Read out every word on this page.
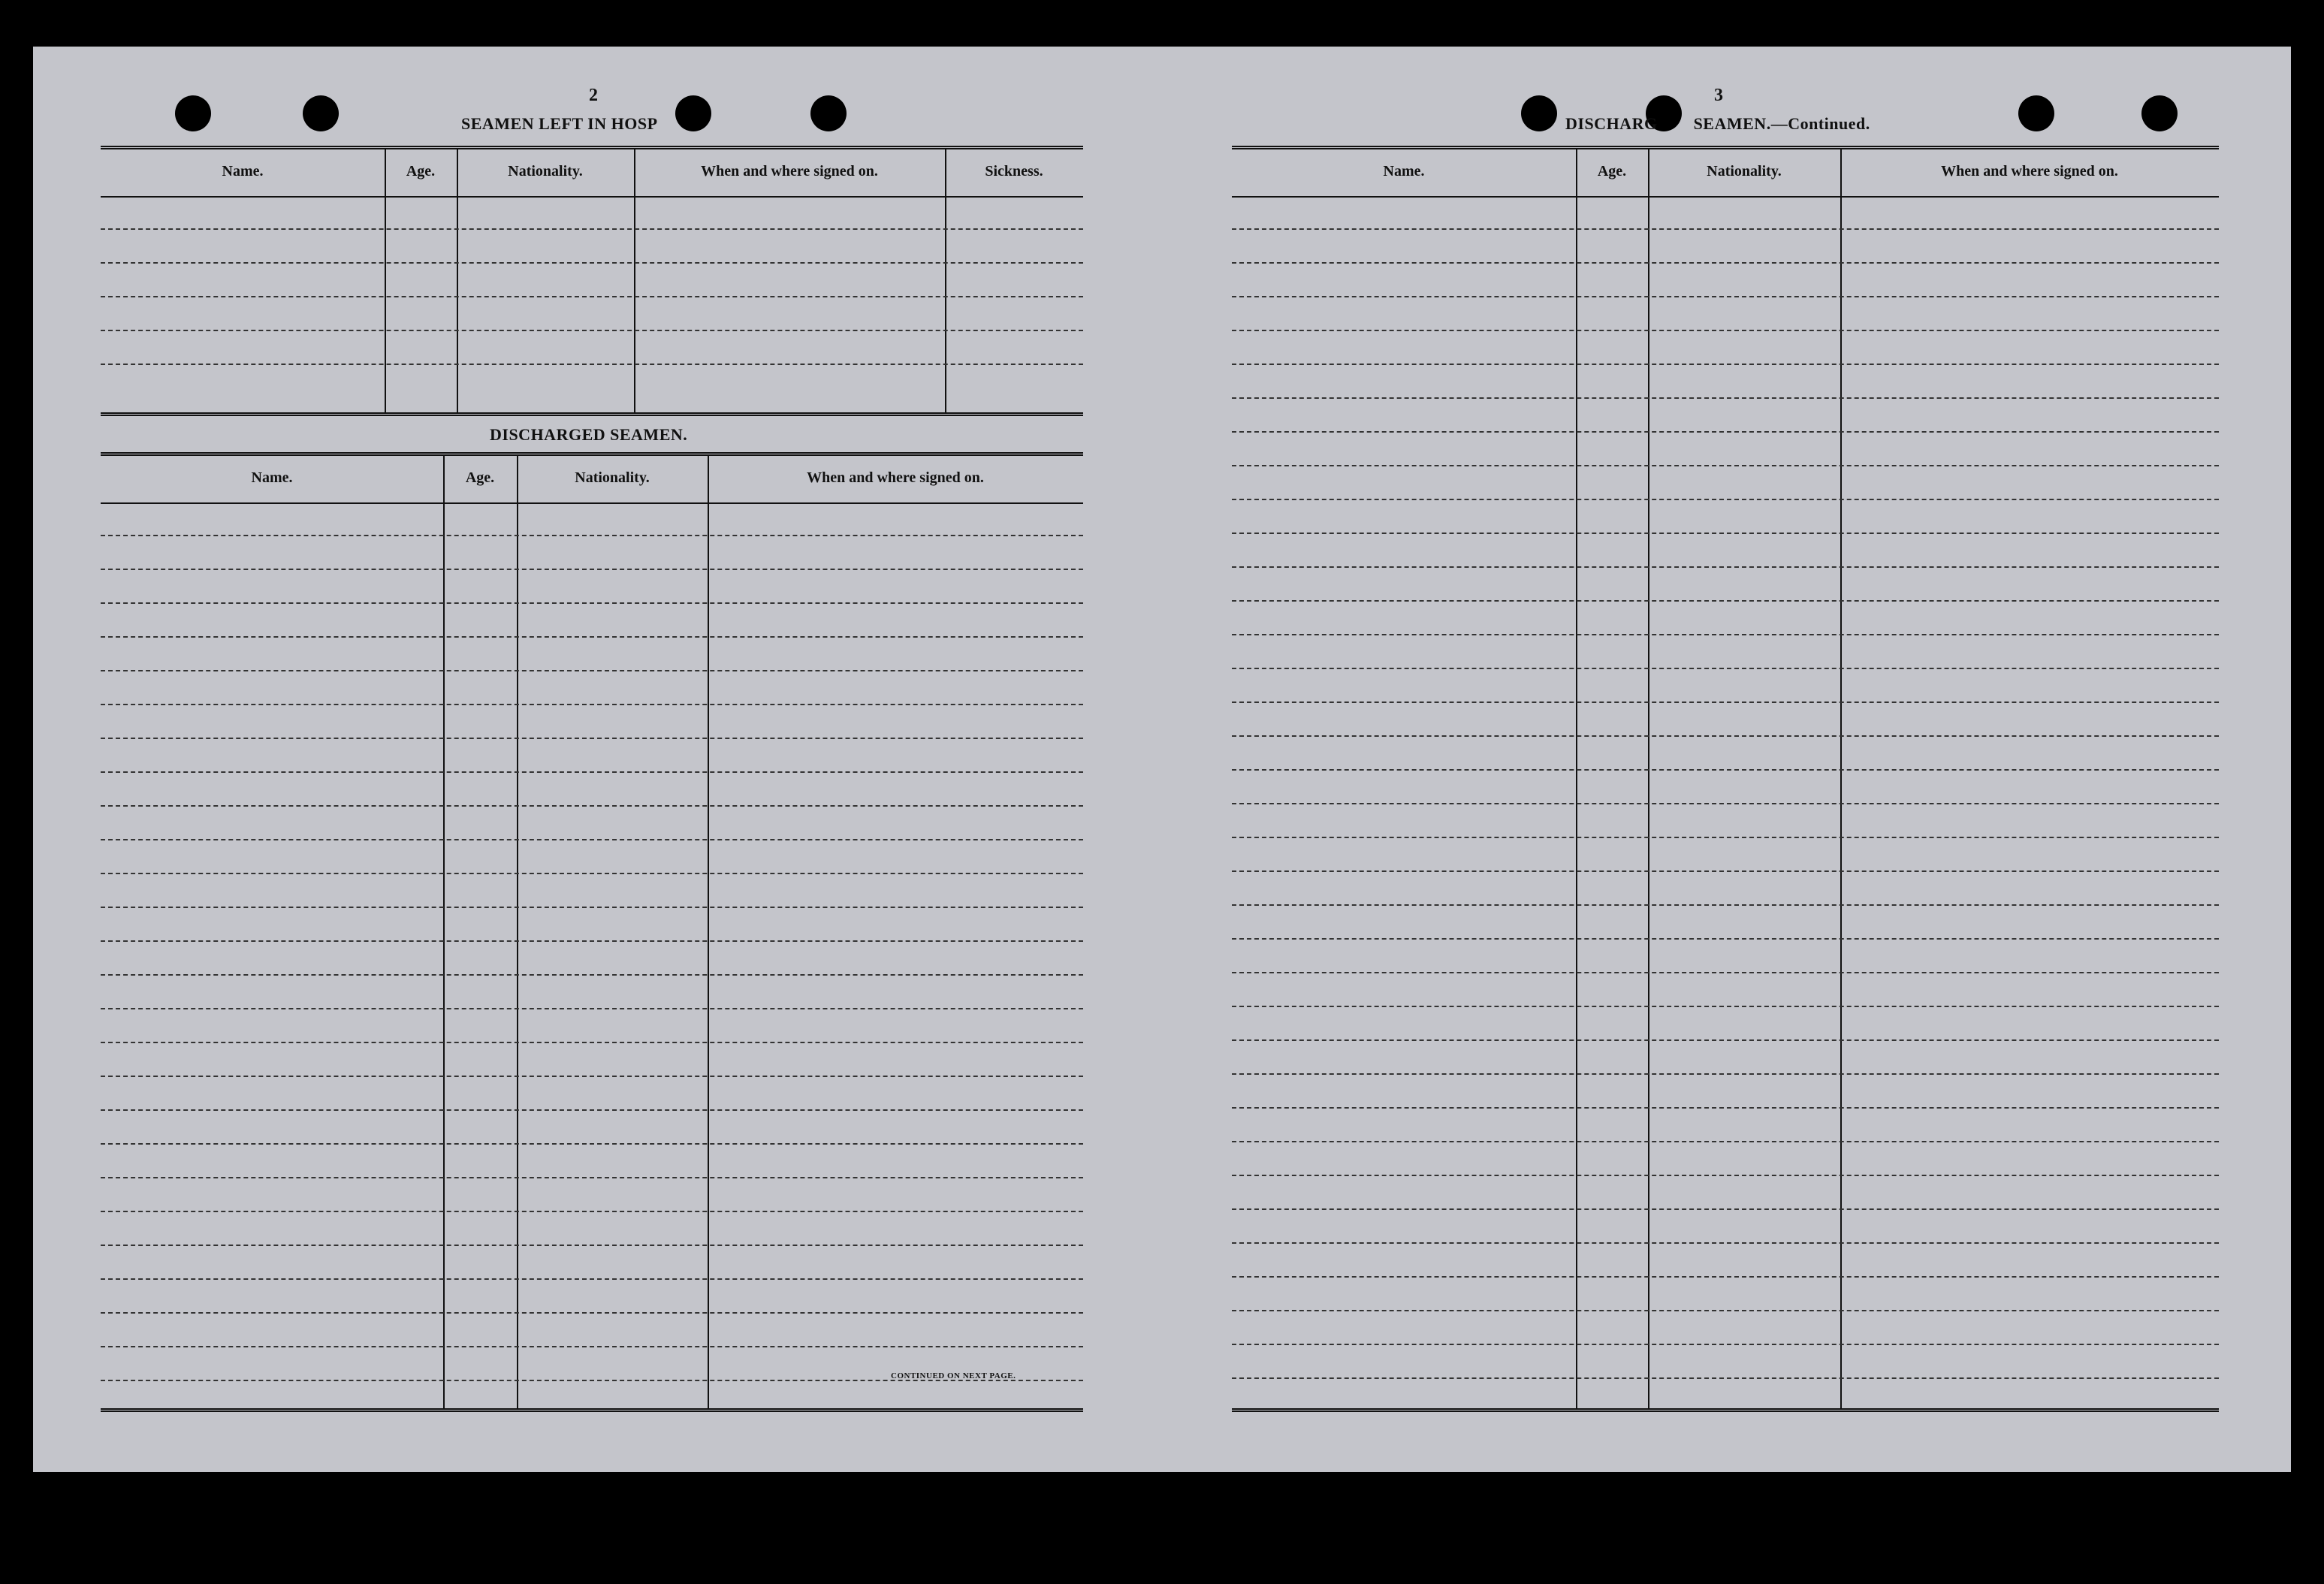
2
SEAMEN LEFT IN HOSP
Name.	Age.	Nationality.	When and where signed on.	Sickness.
DISCHARGED SEAMEN.
Name.	Age.	Nationality.	When and where signed on.
CONTINUED ON NEXT PAGE.
3
DISCHARG        SEAMEN.—Continued.
Name.	Age.	Nationality.	When and where signed on.
